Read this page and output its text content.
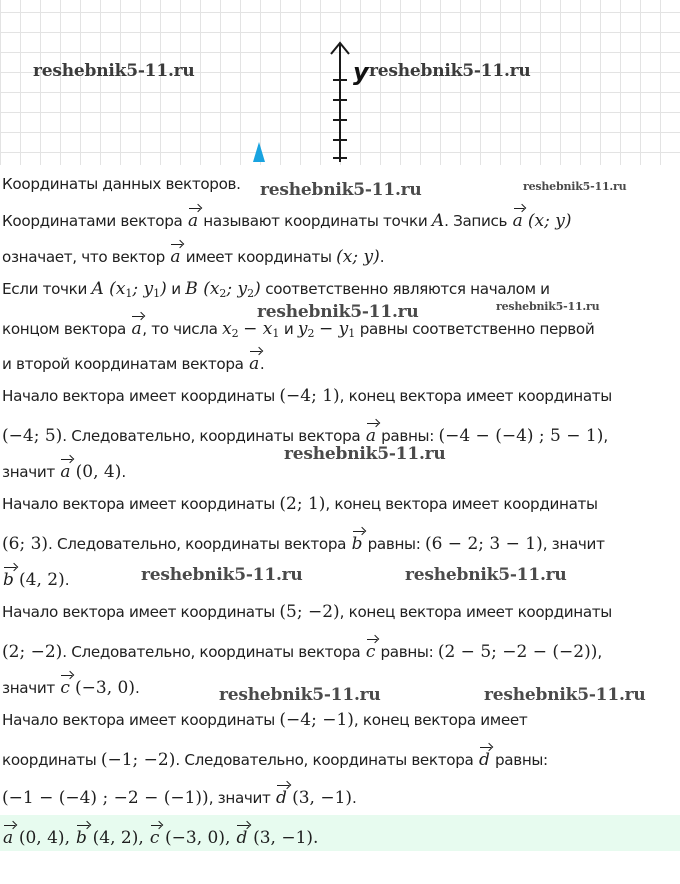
y
reshebnik5-11.ru	reshebnik5-11.ru
reshebnik5-11.ru	reshebnik5-11.ru
reshebnik5-11.ru	reshebnik5-11.ru
reshebnik5-11.ru
reshebnik5-11.ru	reshebnik5-11.ru
reshebnik5-11.ru	reshebnik5-11.ru
Координаты данных векторов.
Координатами вектора a называют координаты точки A. Запись a (x; y)
означает, что вектор a имеет координаты (x; y).
Если точки A ($x_1$; $y_1$) и B ($x_2$; $y_2$) соответственно являются началом и
концом вектора a, то числа $x_2 - x_1$ и $y_2 - y_1$ равны соответственно первой
и второй координатам вектора a.
Начало вектора имеет координаты (−4; 1), конец вектора имеет координаты
(−4; 5). Следовательно, координаты вектора a равны: (−4 − (−4) ; 5 − 1),
значит a (0, 4).
Начало вектора имеет координаты (2; 1), конец вектора имеет координаты
(6; 3). Следовательно, координаты вектора b равны: (6 − 2; 3 − 1), значит
b (4, 2).
Начало вектора имеет координаты (5; −2), конец вектора имеет координаты
(2; −2). Следовательно, координаты вектора c равны: (2 − 5; −2 − (−2)),
значит c (−3, 0).
Начало вектора имеет координаты (−4; −1), конец вектора имеет
координаты (−1; −2). Следовательно, координаты вектора d равны:
(−1 − (−4) ; −2 − (−1)), значит d (3, −1).
a (0, 4), b (4, 2), c (−3, 0), d (3, −1).
